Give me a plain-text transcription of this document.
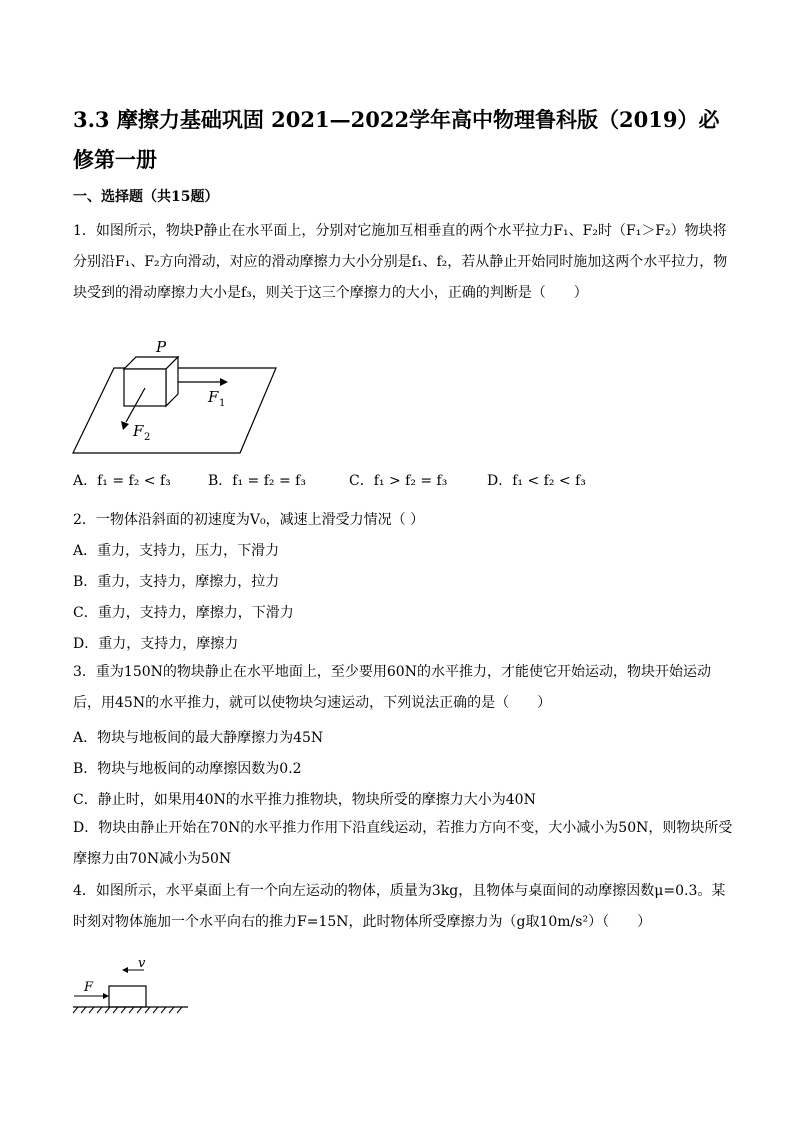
3.3 摩擦力基础巩固 2021—2022学年高中物理鲁科版（2019）必修第一册
一、选择题（共15题）
1．如图所示，物块P静止在水平面上，分别对它施加互相垂直的两个水平拉力F₁、F₂时（F₁＞F₂）物块将分别沿F₁、F₂方向滑动，对应的滑动摩擦力大小分别是f₁、f₂，若从静止开始同时施加这两个水平拉力，物块受到的滑动摩擦力大小是f₃，则关于这三个摩擦力的大小，正确的判断是（　　）
P
F 1
F 2
A．f₁ = f₂ < f₃	B．f₁ = f₂ = f₃	C．f₁ > f₂ = f₃	D．f₁ < f₂ < f₃
2．一物体沿斜面的初速度为V₀，减速上滑受力情况（ ）
A．重力，支持力，压力，下滑力
B．重力，支持力，摩擦力，拉力
C．重力，支持力，摩擦力，下滑力
D．重力，支持力，摩擦力
3．重为150N的物块静止在水平地面上，至少要用60N的水平推力，才能使它开始运动，物块开始运动后，用45N的水平推力，就可以使物块匀速运动，下列说法正确的是（　　）
A．物块与地板间的最大静摩擦力为45N
B．物块与地板间的动摩擦因数为0.2
C．静止时，如果用40N的水平推力推物块，物块所受的摩擦力大小为40N
D．物块由静止开始在70N的水平推力作用下沿直线运动，若推力方向不变，大小减小为50N，则物块所受摩擦力由70N减小为50N
4．如图所示，水平桌面上有一个向左运动的物体，质量为3kg，且物体与桌面间的动摩擦因数μ=0.3。某时刻对物体施加一个水平向右的推力F=15N，此时物体所受摩擦力为（g取10m/s²）（　　）
v
F
